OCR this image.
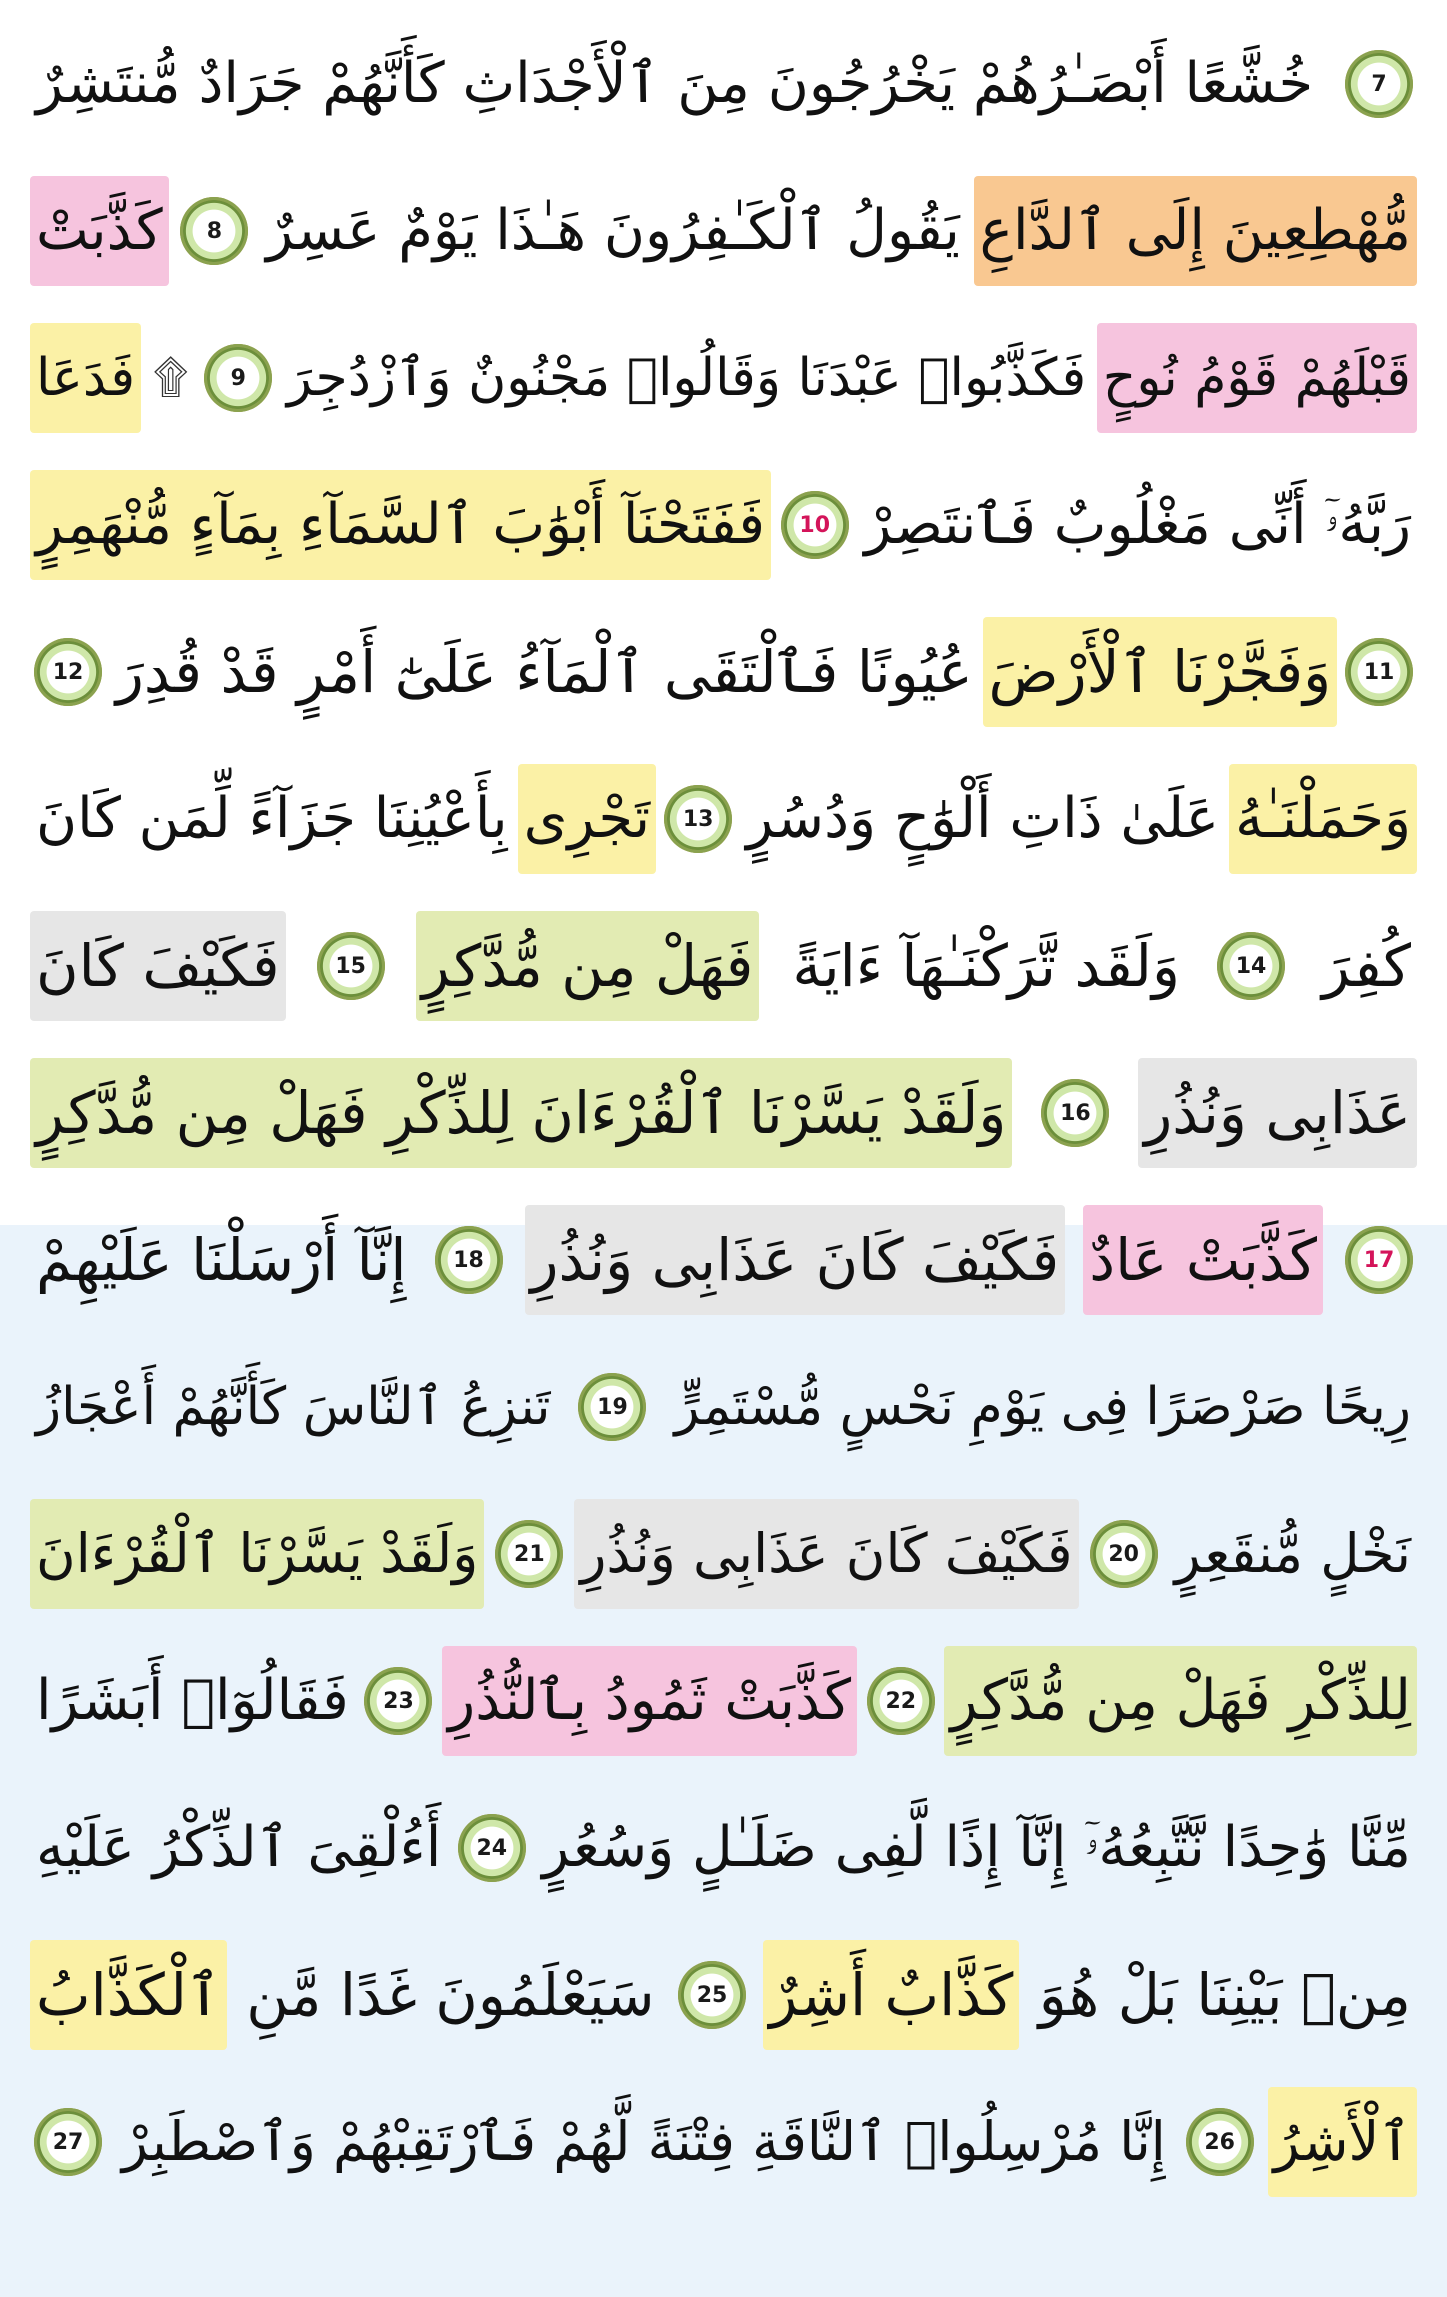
7
خُشَّعًا أَبْصَـٰرُهُمْ يَخْرُجُونَ مِنَ ٱلْأَجْدَاثِ كَأَنَّهُمْ جَرَادٌ مُّنتَشِرٌ
مُّهْطِعِينَ إِلَى ٱلدَّاعِ
يَقُولُ ٱلْكَـٰفِرُونَ هَـٰذَا يَوْمٌ عَسِرٌ
8
كَذَّبَتْ
قَبْلَهُمْ قَوْمُ نُوحٍ
فَكَذَّبُوا۟ عَبْدَنَا وَقَالُوا۟ مَجْنُونٌ وَٱزْدُجِرَ
9
۩
فَدَعَا
رَبَّهُۥٓ أَنِّى مَغْلُوبٌ فَٱنتَصِرْ
10
فَفَتَحْنَآ أَبْوَٰبَ ٱلسَّمَآءِ بِمَآءٍ مُّنْهَمِرٍ
11
وَفَجَّرْنَا ٱلْأَرْضَ
عُيُونًا فَٱلْتَقَى ٱلْمَآءُ عَلَىٰٓ أَمْرٍ قَدْ قُدِرَ
12
وَحَمَلْنَـٰهُ
عَلَىٰ ذَاتِ أَلْوَٰحٍ وَدُسُرٍ
13
تَجْرِى
بِأَعْيُنِنَا جَزَآءً لِّمَن كَانَ
كُفِرَ
14
وَلَقَد تَّرَكْنَـٰهَآ ءَايَةً
فَهَلْ مِن مُّدَّكِرٍ
15
فَكَيْفَ كَانَ
عَذَابِى وَنُذُرِ
16
وَلَقَدْ يَسَّرْنَا ٱلْقُرْءَانَ لِلذِّكْرِ فَهَلْ مِن مُّدَّكِرٍ
17
كَذَّبَتْ عَادٌ
فَكَيْفَ كَانَ عَذَابِى وَنُذُرِ
18
إِنَّآ أَرْسَلْنَا عَلَيْهِمْ
رِيحًا صَرْصَرًا فِى يَوْمِ نَحْسٍ مُّسْتَمِرٍّ
19
تَنزِعُ ٱلنَّاسَ كَأَنَّهُمْ أَعْجَازُ
نَخْلٍ مُّنقَعِرٍ
20
فَكَيْفَ كَانَ عَذَابِى وَنُذُرِ
21
وَلَقَدْ يَسَّرْنَا ٱلْقُرْءَانَ
لِلذِّكْرِ فَهَلْ مِن مُّدَّكِرٍ
22
كَذَّبَتْ ثَمُودُ بِٱلنُّذُرِ
23
فَقَالُوٓا۟ أَبَشَرًا
مِّنَّا وَٰحِدًا نَّتَّبِعُهُۥٓ إِنَّآ إِذًا لَّفِى ضَلَـٰلٍ وَسُعُرٍ
24
أَءُلْقِىَ ٱلذِّكْرُ عَلَيْهِ
مِنۢ بَيْنِنَا بَلْ هُوَ
كَذَّابٌ أَشِرٌ
25
سَيَعْلَمُونَ غَدًا مَّنِ
ٱلْكَذَّابُ
ٱلْأَشِرُ
26
إِنَّا مُرْسِلُوا۟ ٱلنَّاقَةِ فِتْنَةً لَّهُمْ فَٱرْتَقِبْهُمْ وَٱصْطَبِرْ
27
